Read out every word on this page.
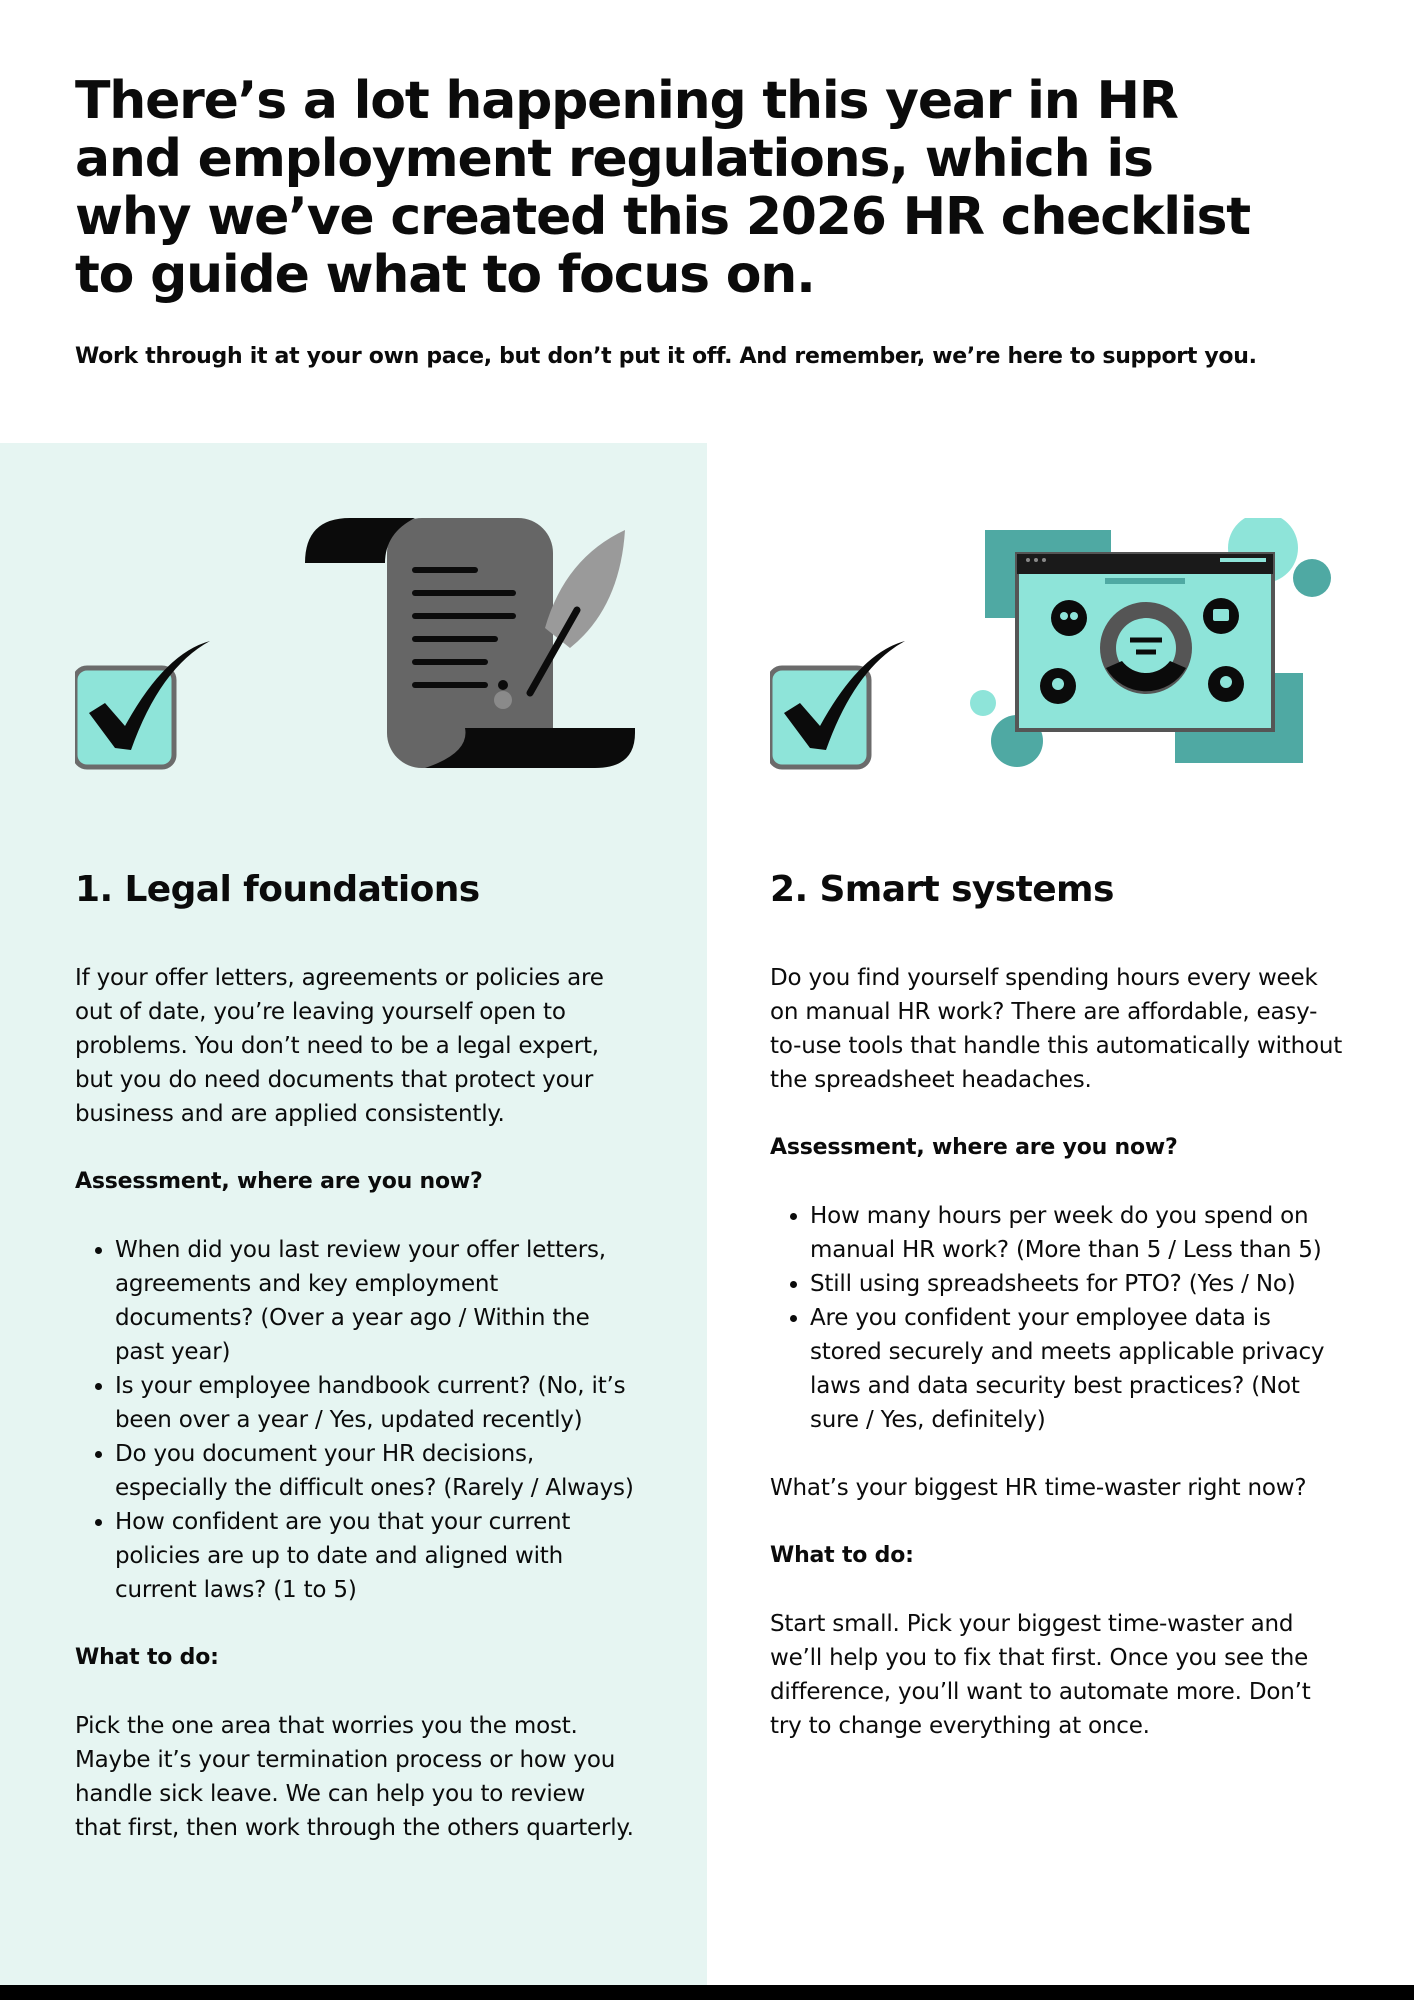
There’s a lot happening this year in HR and employment regulations, which is why we’ve created this 2026 HR checklist to guide what to focus on.

Work through it at your own pace, but don’t put it off. And remember, we’re here to support you.

1. Legal foundations

If your offer letters, agreements or policies are out of date, you’re leaving yourself open to problems. You don’t need to be a legal expert, but you do need documents that protect your business and are applied consistently.

Assessment, where are you now?

• When did you last review your offer letters, agreements and key employment documents? (Over a year ago / Within the past year)
• Is your employee handbook current? (No, it’s been over a year / Yes, updated recently)
• Do you document your HR decisions, especially the difficult ones? (Rarely / Always)
• How confident are you that your current policies are up to date and aligned with current laws? (1 to 5)

What to do:

Pick the one area that worries you the most. Maybe it’s your termination process or how you handle sick leave. We can help you to review that first, then work through the others quarterly.

2. Smart systems

Do you find yourself spending hours every week on manual HR work? There are affordable, easy-to-use tools that handle this automatically without the spreadsheet headaches.

Assessment, where are you now?

• How many hours per week do you spend on manual HR work? (More than 5 / Less than 5)
• Still using spreadsheets for PTO? (Yes / No)
• Are you confident your employee data is stored securely and meets applicable privacy laws and data security best practices? (Not sure / Yes, definitely)

What’s your biggest HR time-waster right now?

What to do:

Start small. Pick your biggest time-waster and we’ll help you to fix that first. Once you see the difference, you’ll want to automate more. Don’t try to change everything at once.
